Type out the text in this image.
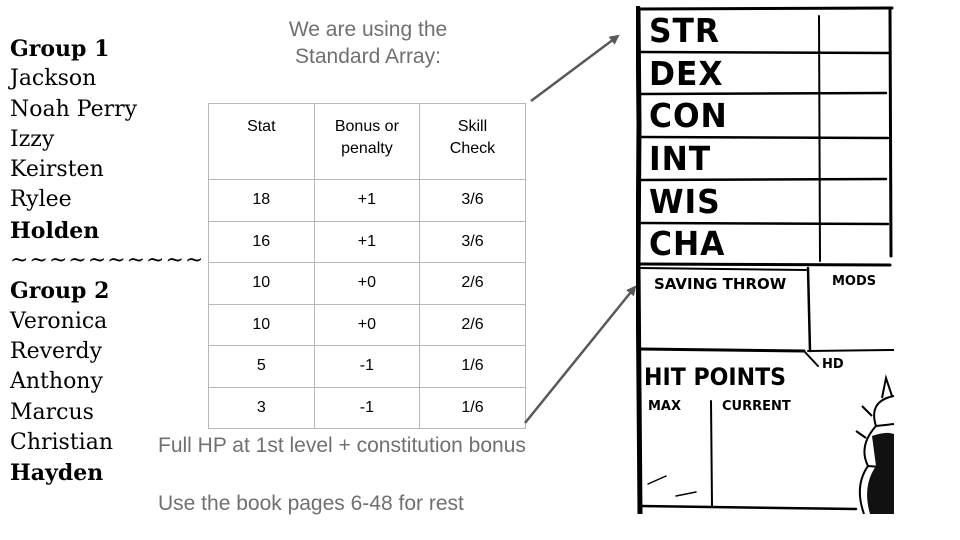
Group 1
Jackson
Noah Perry
Izzy
Keirsten
Rylee
Holden
~~~~~~~~~~
Group 2
Veronica
Reverdy
Anthony
Marcus
Christian
Hayden
We are using the
Standard Array:
Stat	Bonus or penalty	Skill Check
18	+1	3/6
16	+1	3/6
10	+0	2/6
10	+0	2/6
5	-1	1/6
3	-1	1/6
Full HP at 1st level + constitution bonus
Use the book pages 6-48 for rest
STR
DEX
CON
INT
WIS
CHA
SAVING THROW	MODS
HD
HIT POINTS
MAX	CURRENT
